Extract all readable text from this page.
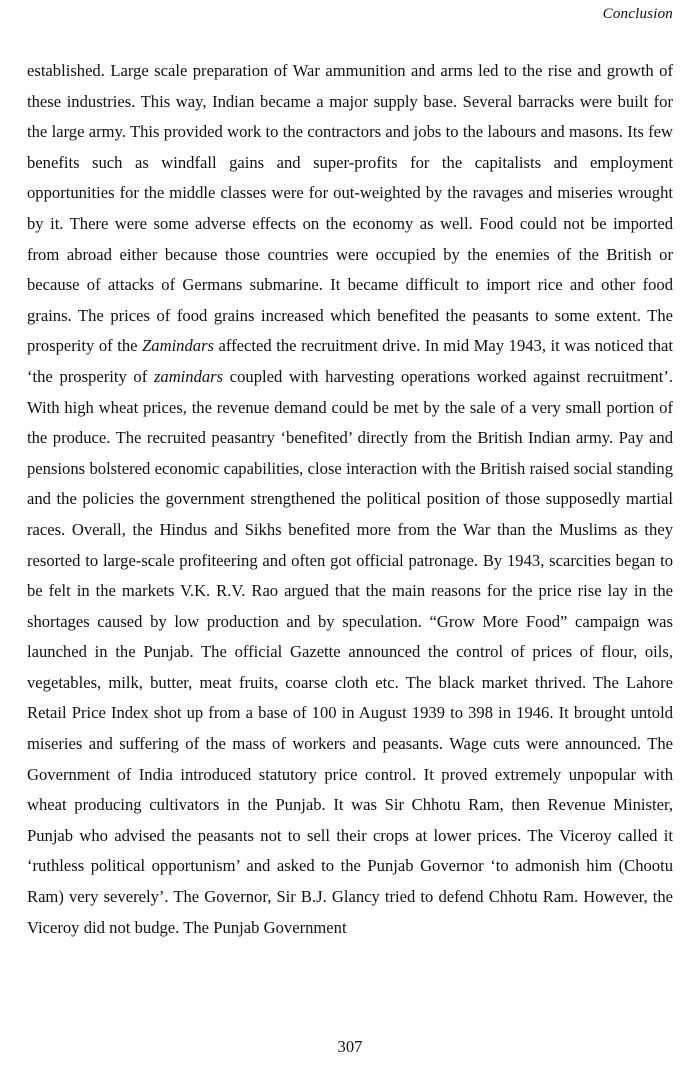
Conclusion

established. Large scale preparation of War ammunition and arms led to the rise and growth of these industries. This way, Indian became a major supply base. Several barracks were built for the large army. This provided work to the contractors and jobs to the labours and masons. Its few benefits such as windfall gains and super-profits for the capitalists and employment opportunities for the middle classes were for out-weighted by the ravages and miseries wrought by it. There were some adverse effects on the economy as well. Food could not be imported from abroad either because those countries were occupied by the enemies of the British or because of attacks of Germans submarine. It became difficult to import rice and other food grains. The prices of food grains increased which benefited the peasants to some extent. The prosperity of the Zamindars affected the recruitment drive. In mid May 1943, it was noticed that ‘the prosperity of zamindars coupled with harvesting operations worked against recruitment’. With high wheat prices, the revenue demand could be met by the sale of a very small portion of the produce. The recruited peasantry ‘benefited’ directly from the British Indian army. Pay and pensions bolstered economic capabilities, close interaction with the British raised social standing and the policies the government strengthened the political position of those supposedly martial races. Overall, the Hindus and Sikhs benefited more from the War than the Muslims as they resorted to large-scale profiteering and often got official patronage. By 1943, scarcities began to be felt in the markets V.K. R.V. Rao argued that the main reasons for the price rise lay in the shortages caused by low production and by speculation. “Grow More Food” campaign was launched in the Punjab. The official Gazette announced the control of prices of flour, oils, vegetables, milk, butter, meat fruits, coarse cloth etc. The black market thrived. The Lahore Retail Price Index shot up from a base of 100 in August 1939 to 398 in 1946. It brought untold miseries and suffering of the mass of workers and peasants. Wage cuts were announced. The Government of India introduced statutory price control. It proved extremely unpopular with wheat producing cultivators in the Punjab. It was Sir Chhotu Ram, then Revenue Minister, Punjab who advised the peasants not to sell their crops at lower prices. The Viceroy called it ‘ruthless political opportunism’ and asked to the Punjab Governor ‘to admonish him (Chootu Ram) very severely’. The Governor, Sir B.J. Glancy tried to defend Chhotu Ram. However, the Viceroy did not budge. The Punjab Government

307
